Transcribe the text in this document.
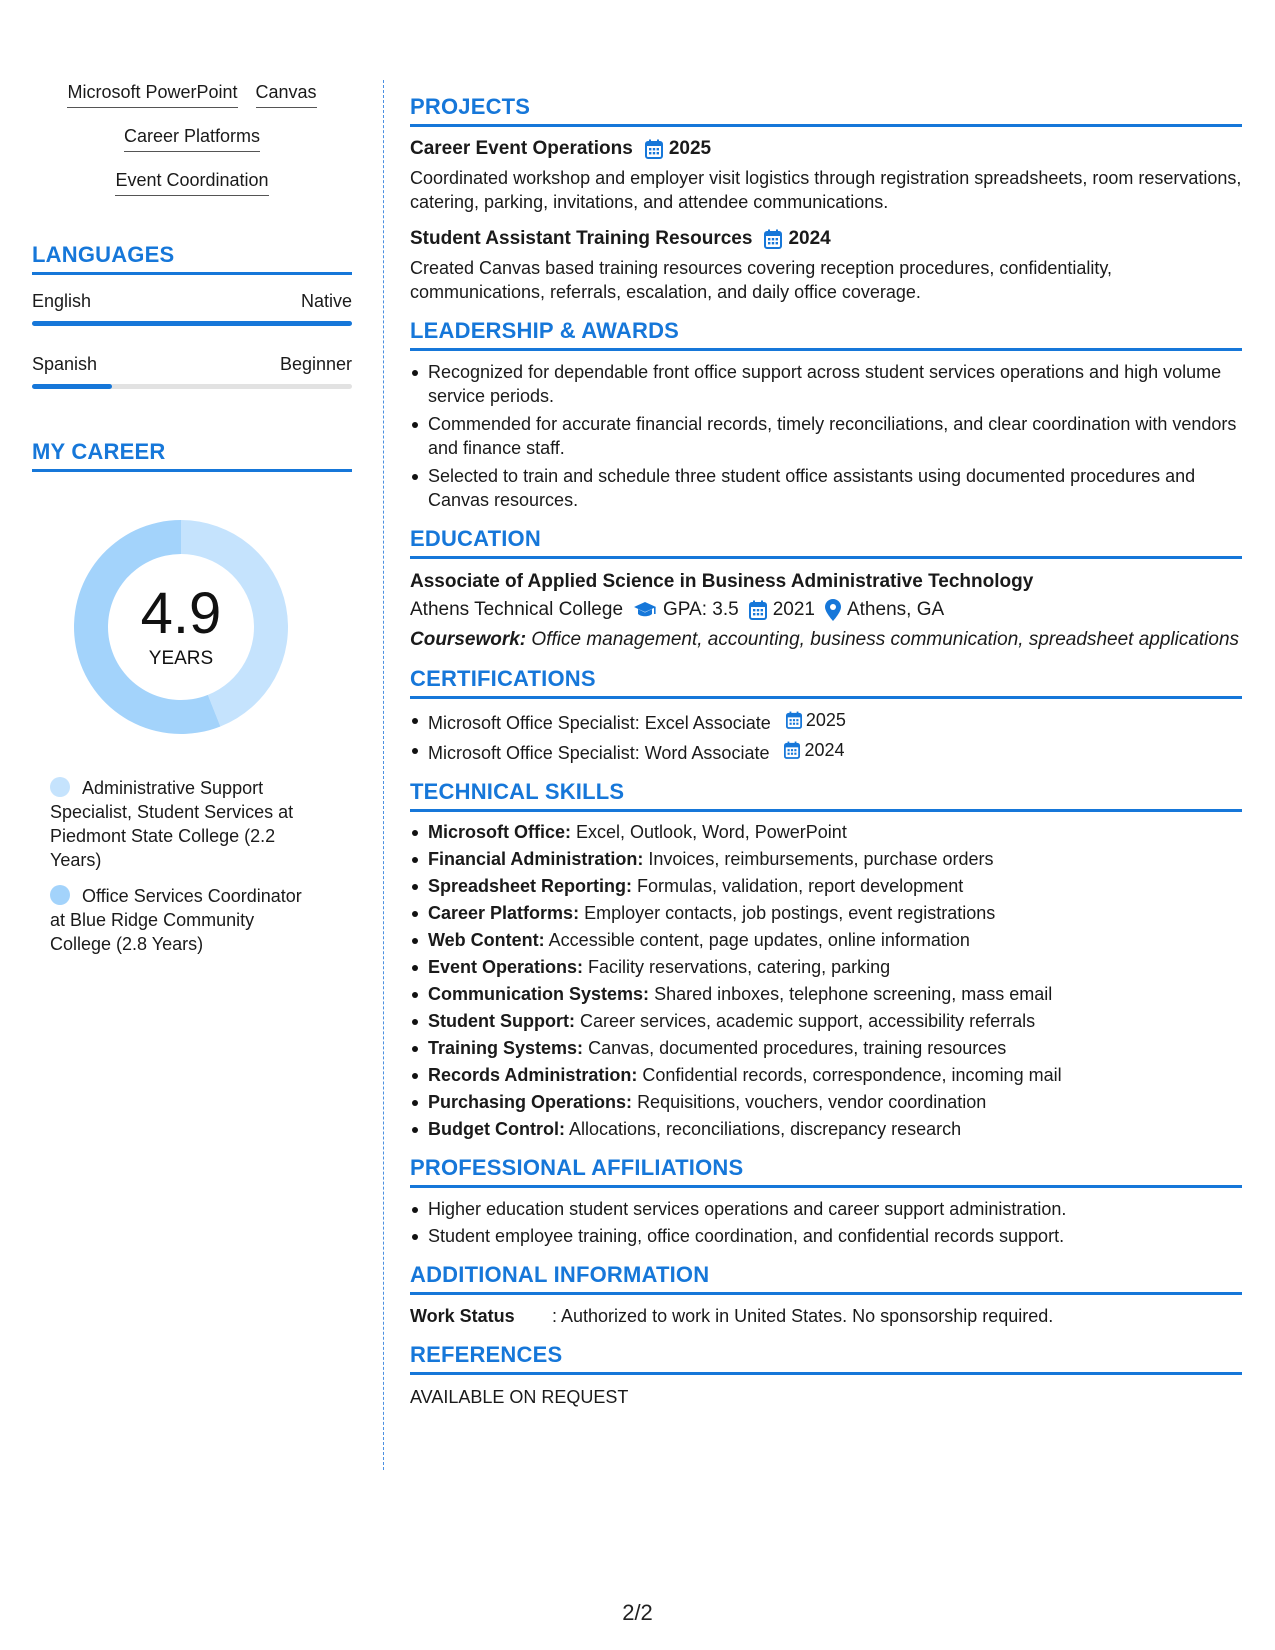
Microsoft PowerPoint Canvas
Career Platforms
Event Coordination
LANGUAGES
English	Native
Spanish	Beginner
MY CAREER
4.9
YEARS
Administrative Support Specialist, Student Services at Piedmont State College (2.2 Years)
Office Services Coordinator at Blue Ridge Community College (2.8 Years)
PROJECTS
Career Event Operations 2025
Coordinated workshop and employer visit logistics through registration spreadsheets, room reservations, catering, parking, invitations, and attendee communications.
Student Assistant Training Resources 2024
Created Canvas based training resources covering reception procedures, confidentiality, communications, referrals, escalation, and daily office coverage.
LEADERSHIP & AWARDS
Recognized for dependable front office support across student services operations and high volume service periods.
Commended for accurate financial records, timely reconciliations, and clear coordination with vendors and finance staff.
Selected to train and schedule three student office assistants using documented procedures and Canvas resources.
EDUCATION
Associate of Applied Science in Business Administrative Technology
Athens Technical College GPA: 3.5 2021 Athens, GA
Coursework: Office management, accounting, business communication, spreadsheet applications
CERTIFICATIONS
Microsoft Office Specialist: Excel Associate 2025
Microsoft Office Specialist: Word Associate 2024
TECHNICAL SKILLS
Microsoft Office: Excel, Outlook, Word, PowerPoint
Financial Administration: Invoices, reimbursements, purchase orders
Spreadsheet Reporting: Formulas, validation, report development
Career Platforms: Employer contacts, job postings, event registrations
Web Content: Accessible content, page updates, online information
Event Operations: Facility reservations, catering, parking
Communication Systems: Shared inboxes, telephone screening, mass email
Student Support: Career services, academic support, accessibility referrals
Training Systems: Canvas, documented procedures, training resources
Records Administration: Confidential records, correspondence, incoming mail
Purchasing Operations: Requisitions, vouchers, vendor coordination
Budget Control: Allocations, reconciliations, discrepancy research
PROFESSIONAL AFFILIATIONS
Higher education student services operations and career support administration.
Student employee training, office coordination, and confidential records support.
ADDITIONAL INFORMATION
Work Status	: Authorized to work in United States. No sponsorship required.
REFERENCES
AVAILABLE ON REQUEST
2/2
